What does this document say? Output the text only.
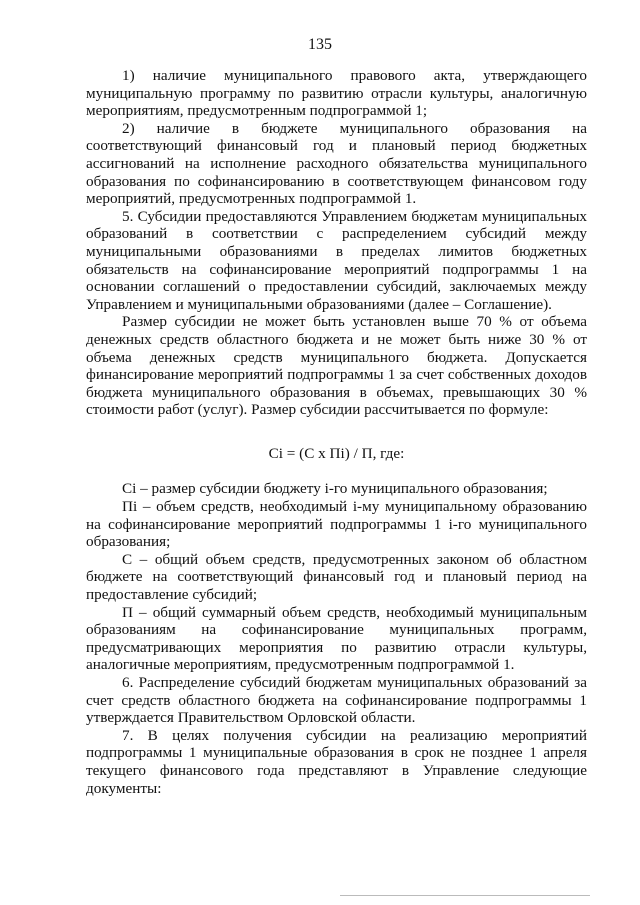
135

1) наличие муниципального правового акта, утверждающего муниципальную программу по развитию отрасли культуры, аналогичную мероприятиям, предусмотренным подпрограммой 1;

2) наличие в бюджете муниципального образования на соответствующий финансовый год и плановый период бюджетных ассигнований на исполнение расходного обязательства муниципального образования по софинансированию в соответствующем финансовом году мероприятий, предусмотренных подпрограммой 1.

5. Субсидии предоставляются Управлением бюджетам муниципальных образований в соответствии с распределением субсидий между муниципальными образованиями в пределах лимитов бюджетных обязательств на софинансирование мероприятий подпрограммы 1 на основании соглашений о предоставлении субсидий, заключаемых между Управлением и муниципальными образованиями (далее – Соглашение).

Размер субсидии не может быть установлен выше 70 % от объема денежных средств областного бюджета и не может быть ниже 30 % от объема денежных средств муниципального бюджета. Допускается финансирование мероприятий подпрограммы 1 за счет собственных доходов бюджета муниципального образования в объемах, превышающих 30 % стоимости работ (услуг). Размер субсидии рассчитывается по формуле:

Ci = (C x Пi) / П, где:

Ci – размер субсидии бюджету i-го муниципального образования;

Пi – объем средств, необходимый i-му муниципальному образованию на софинансирование мероприятий подпрограммы 1 i-го муниципального образования;

С – общий объем средств, предусмотренных законом об областном бюджете на соответствующий финансовый год и плановый период на предоставление субсидий;

П – общий суммарный объем средств, необходимый муниципальным образованиям на софинансирование муниципальных программ, предусматривающих мероприятия по развитию отрасли культуры, аналогичные мероприятиям, предусмотренным подпрограммой 1.

6. Распределение субсидий бюджетам муниципальных образований за счет средств областного бюджета на софинансирование подпрограммы 1 утверждается Правительством Орловской области.

7. В целях получения субсидии на реализацию мероприятий подпрограммы 1 муниципальные образования в срок не позднее 1 апреля текущего финансового года представляют в Управление следующие документы:
